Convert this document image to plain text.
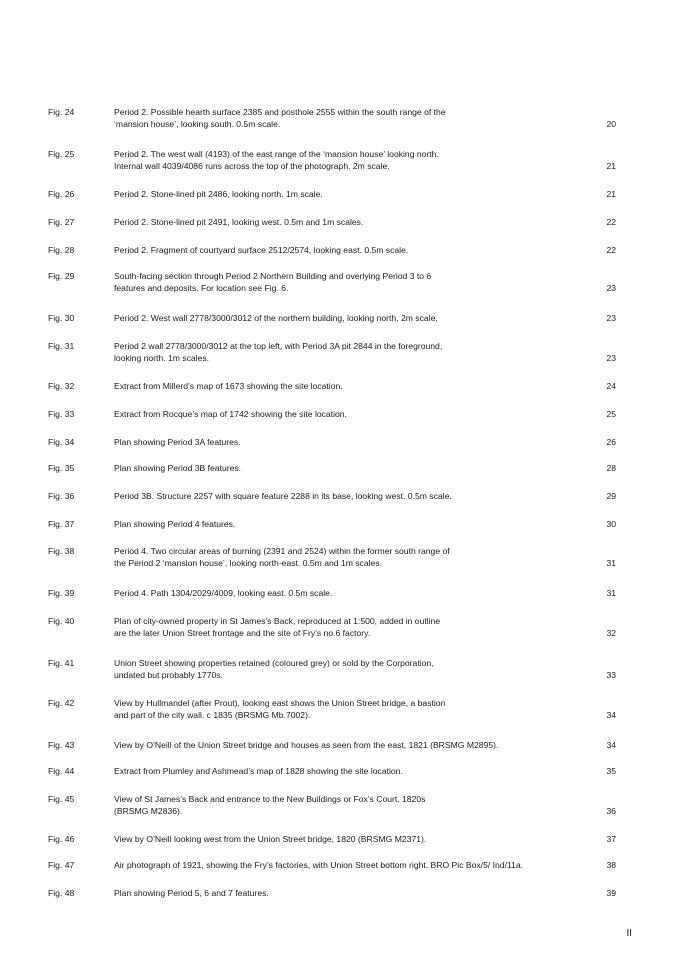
Fig. 24	Period 2. Possible hearth surface 2385 and posthole 2555 within the south range of the
‘mansion house’, looking south. 0.5m scale.	20
Fig. 25	Period 2. The west wall (4193) of the east range of the ‘mansion house’ looking north.
Internal wall 4039/4086 runs across the top of the photograph. 2m scale.	21
Fig. 26	Period 2. Stone-lined pit 2486, looking north. 1m scale.	21
Fig. 27	Period 2. Stone-lined pit 2491, looking west. 0.5m and 1m scales.	22
Fig. 28	Period 2. Fragment of courtyard surface 2512/2574, looking east. 0.5m scale.	22
Fig. 29	South-facing section through Period 2 Northern Building and overlying Period 3 to 6
features and deposits. For location see Fig. 6.	23
Fig. 30	Period 2. West wall 2778/3000/3012 of the northern building, looking north. 2m scale.	23
Fig. 31	Period 2 wall 2778/3000/3012 at the top left, with Period 3A pit 2844 in the foreground,
looking north. 1m scales.	23
Fig. 32	Extract from Millerd’s map of 1673 showing the site location.	24
Fig. 33	Extract from Rocque’s map of 1742 showing the site location.	25
Fig. 34	Plan showing Period 3A features.	26
Fig. 35	Plan showing Period 3B features.	28
Fig. 36	Period 3B. Structure 2257 with square feature 2288 in its base, looking west. 0.5m scale.	29
Fig. 37	Plan showing Period 4 features.	30
Fig. 38	Period 4. Two circular areas of burning (2391 and 2524) within the former south range of
the Period 2 ‘mansion house’, looking north-east. 0.5m and 1m scales.	31
Fig. 39	Period 4. Path 1304/2029/4009, looking east. 0.5m scale.	31
Fig. 40	Plan of city-owned property in St James’s Back, reproduced at 1:500, added in outline
are the later Union Street frontage and the site of Fry’s no.6 factory.	32
Fig. 41	Union Street showing properties retained (coloured grey) or sold by the Corporation,
undated but probably 1770s.	33
Fig. 42	View by Hullmandel (after Prout), looking east shows the Union Street bridge, a bastion
and part of the city wall. c 1835 (BRSMG Mb.7002).	34
Fig. 43	View by O’Neill of the Union Street bridge and houses as seen from the east, 1821 (BRSMG M2895).	34
Fig. 44	Extract from Plumley and Ashmead’s map of 1828 showing the site location.	35
Fig. 45	View of St James’s Back and entrance to the New Buildings or Fox’s Court, 1820s
(BRSMG M2836).	36
Fig. 46	View by O’Neill looking west from the Union Street bridge, 1820 (BRSMG M2371).	37
Fig. 47	Air photograph of 1921, showing the Fry’s factories, with Union Street bottom right. BRO Pic Box/5/ Ind/11a.	38
Fig. 48	Plan showing Period 5, 6 and 7 features.	39
II
